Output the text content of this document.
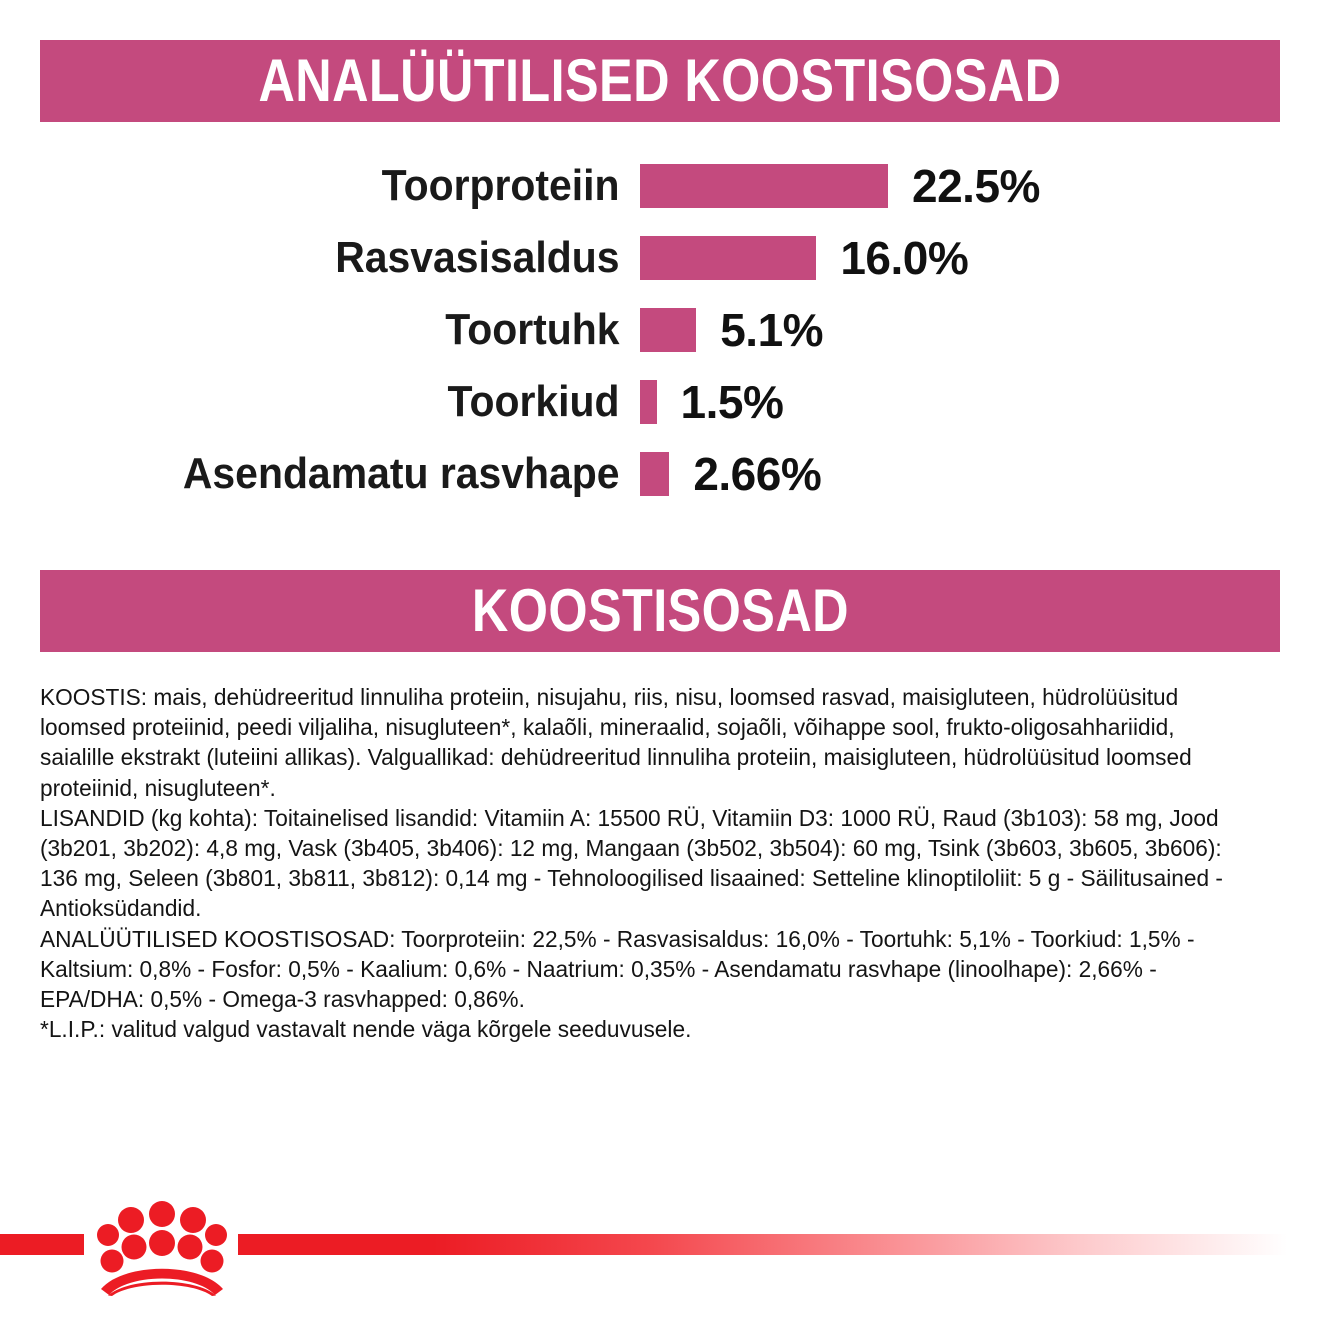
ANALÜÜTILISED KOOSTISOSAD
Toorproteiin	22.5%
Rasvasisaldus	16.0%
Toortuhk	5.1%
Toorkiud	1.5%
Asendamatu rasvhape	2.66%
KOOSTISOSAD

KOOSTIS: mais, dehüdreeritud linnuliha proteiin, nisujahu, riis, nisu, loomsed rasvad, maisigluteen, hüdrolüüsitud loomsed proteiinid, peedi viljaliha, nisugluteen*, kalaõli, mineraalid, sojaõli, võihappe sool, frukto-oligosahhariidid, saialille ekstrakt (luteiini allikas). Valguallikad: dehüdreeritud linnuliha proteiin, maisigluteen, hüdrolüüsitud loomsed proteiinid, nisugluteen*.

LISANDID (kg kohta): Toitainelised lisandid: Vitamiin A: 15500 RÜ, Vitamiin D3: 1000 RÜ, Raud (3b103): 58 mg, Jood (3b201, 3b202): 4,8 mg, Vask (3b405, 3b406): 12 mg, Mangaan (3b502, 3b504): 60 mg, Tsink (3b603, 3b605, 3b606): 136 mg, Seleen (3b801, 3b811, 3b812): 0,14 mg - Tehnoloogilised lisaained: Setteline klinoptiloliit: 5 g - Säilitusained - Antioksüdandid.

ANALÜÜTILISED KOOSTISOSAD: Toorproteiin: 22,5% - Rasvasisaldus: 16,0% - Toortuhk: 5,1% - Toorkiud: 1,5% - Kaltsium: 0,8% - Fosfor: 0,5% - Kaalium: 0,6% - Naatrium: 0,35% - Asendamatu rasvhape (linoolhape): 2,66% - EPA/DHA: 0,5% - Omega-3 rasvhapped: 0,86%.

*L.I.P.: valitud valgud vastavalt nende väga kõrgele seeduvusele.
